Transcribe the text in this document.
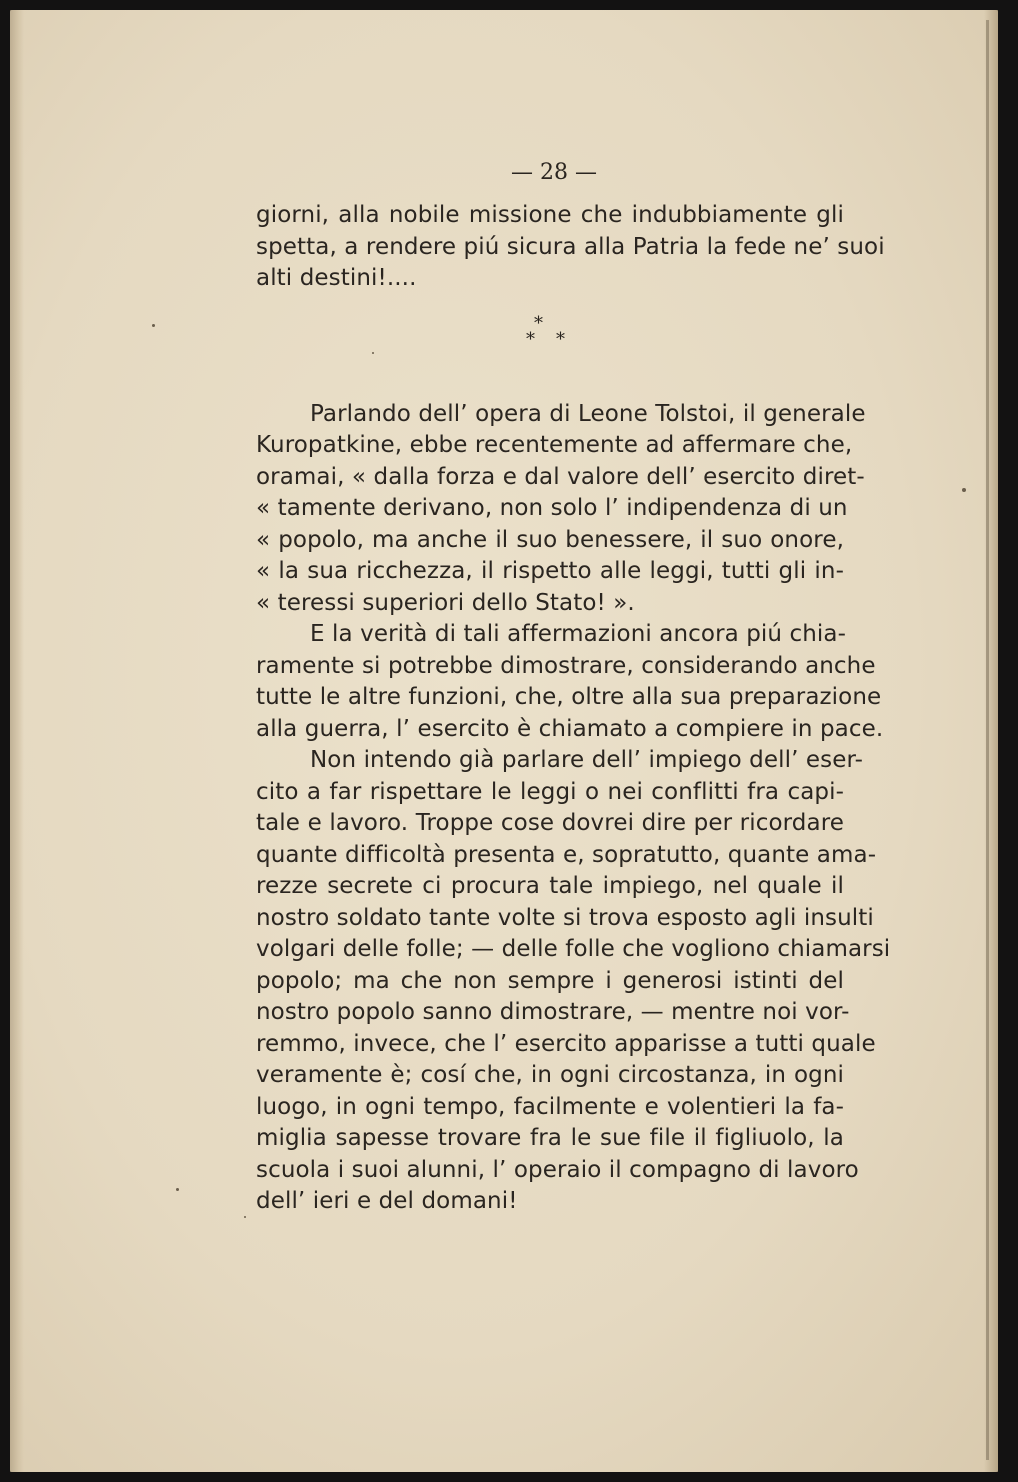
— 28 —
giorni, alla nobile missione che indubbiamente gli
spetta, a rendere piú sicura alla Patria la fede ne’ suoi
alti destini!....
*
* *
Parlando dell’ opera di Leone Tolstoi, il generale
Kuropatkine, ebbe recentemente ad affermare che,
oramai, « dalla forza e dal valore dell’ esercito diret-
« tamente derivano, non solo l’ indipendenza di un
« popolo, ma anche il suo benessere, il suo onore,
« la sua ricchezza, il rispetto alle leggi, tutti gli in-
« teressi superiori dello Stato! ».
E la verità di tali affermazioni ancora piú chia-
ramente si potrebbe dimostrare, considerando anche
tutte le altre funzioni, che, oltre alla sua preparazione
alla guerra, l’ esercito è chiamato a compiere in pace.
Non intendo già parlare dell’ impiego dell’ eser-
cito a far rispettare le leggi o nei conflitti fra capi-
tale e lavoro. Troppe cose dovrei dire per ricordare
quante difficoltà presenta e, sopratutto, quante ama-
rezze secrete ci procura tale impiego, nel quale il
nostro soldato tante volte si trova esposto agli insulti
volgari delle folle; — delle folle che vogliono chiamarsi
popolo; ma che non sempre i generosi istinti del
nostro popolo sanno dimostrare, — mentre noi vor-
remmo, invece, che l’ esercito apparisse a tutti quale
veramente è; cosí che, in ogni circostanza, in ogni
luogo, in ogni tempo, facilmente e volentieri la fa-
miglia sapesse trovare fra le sue file il figliuolo, la
scuola i suoi alunni, l’ operaio il compagno di lavoro
dell’ ieri e del domani!
